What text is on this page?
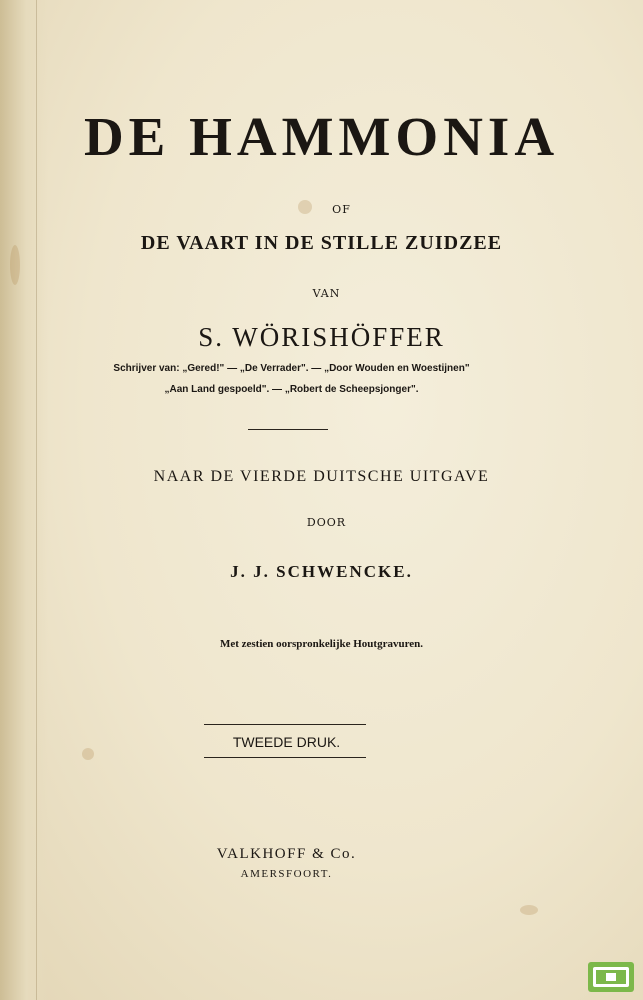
DE HAMMONIA
OF
DE VAART IN DE STILLE ZUIDZEE
VAN
S. WÖRISHÖFFER
Schrijver van: „Gered!" — „De Verrader". — „Door Wouden en Woestijnen"
„Aan Land gespoeld". — „Robert de Scheepsjonger".
NAAR DE VIERDE DUITSCHE UITGAVE
DOOR
J. J. SCHWENCKE.
Met zestien oorspronkelijke Houtgravuren.
TWEEDE DRUK.
VALKHOFF & Co.
AMERSFOORT.
